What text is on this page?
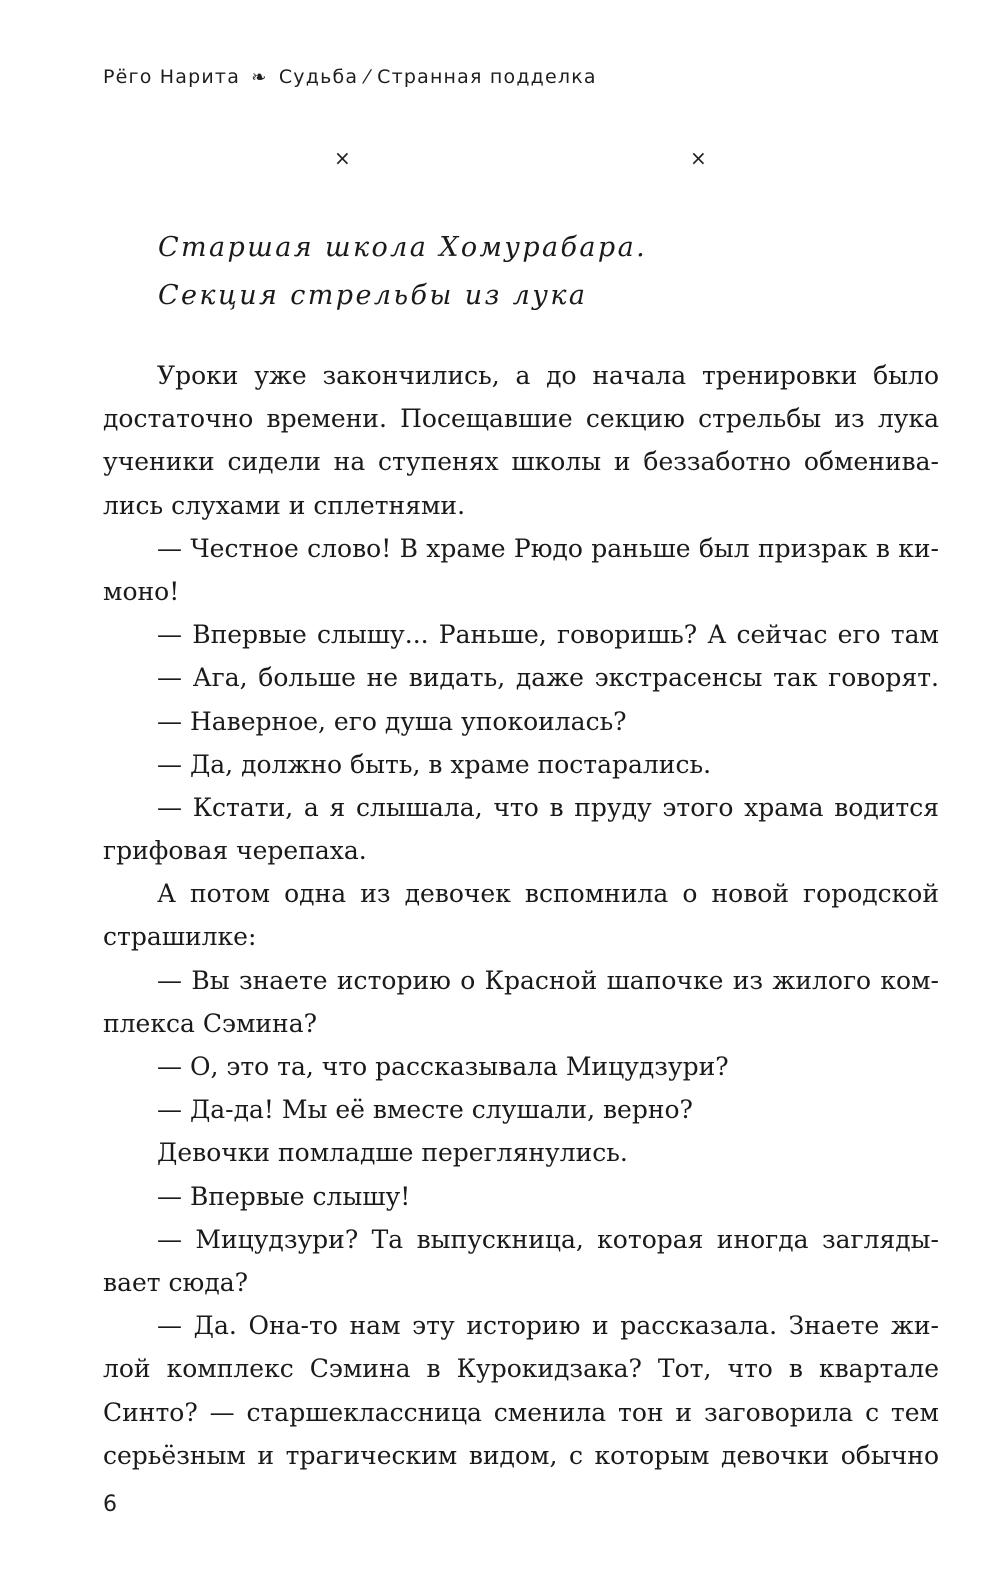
Рёго Нарита ❧ Судьба ⁄ Странная подделка
×	×
Старшая школа Хомурабара.
Секция стрельбы из лука
Уроки уже закончились, а до начала тренировки было
достаточно времени. Посещавшие секцию стрельбы из лука
ученики сидели на ступенях школы и беззаботно обменива-
лись слухами и сплетнями.
— Честное слово! В храме Рюдо раньше был призрак в ки-
моно!
— Впервые слышу... Раньше, говоришь? А сейчас его там
— Ага, больше не видать, даже экстрасенсы так говорят.
— Наверное, его душа упокоилась?
— Да, должно быть, в храме постарались.
— Кстати, а я слышала, что в пруду этого храма водится
грифовая черепаха.
А потом одна из девочек вспомнила о новой городской
страшилке:
— Вы знаете историю о Красной шапочке из жилого ком-
плекса Сэмина?
— О, это та, что рассказывала Мицудзури?
— Да-да! Мы её вместе слушали, верно?
Девочки помладше переглянулись.
— Впервые слышу!
— Мицудзури? Та выпускница, которая иногда загляды-
вает сюда?
— Да. Она-то нам эту историю и рассказала. Знаете жи-
лой комплекс Сэмина в Курокидзака? Тот, что в квартале
Синто? — старшеклассница сменила тон и заговорила с тем
серьёзным и трагическим видом, с которым девочки обычно
6
